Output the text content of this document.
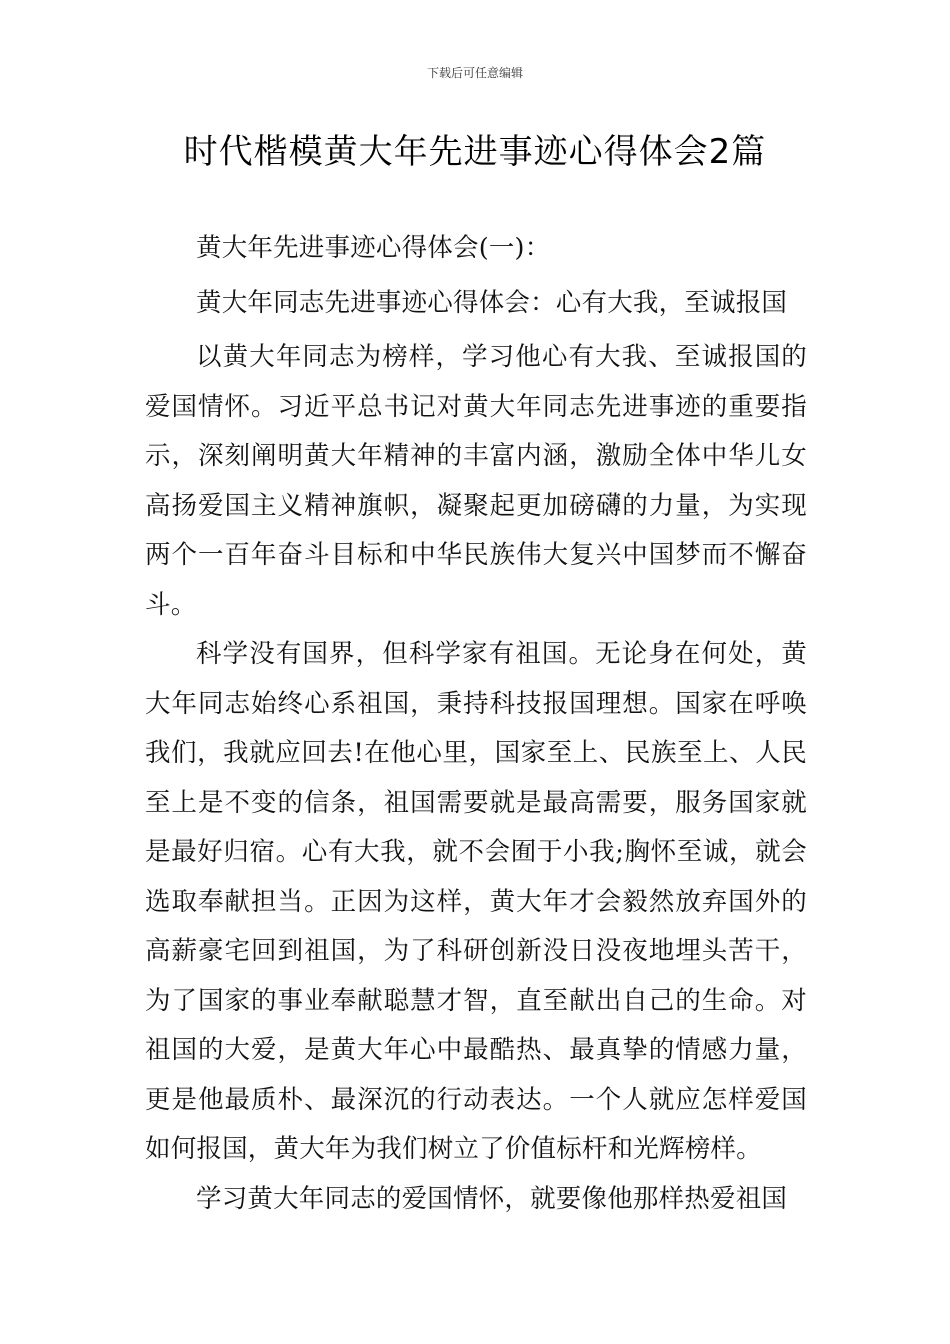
下载后可任意编辑
时代楷模黄大年先进事迹心得体会2篇

黄大年先进事迹心得体会(一)：

黄大年同志先进事迹心得体会：心有大我，至诚报国

以黄大年同志为榜样，学习他心有大我、至诚报国的爱国情怀。习近平总书记对黄大年同志先进事迹的重要指示，深刻阐明黄大年精神的丰富内涵，激励全体中华儿女高扬爱国主义精神旗帜，凝聚起更加磅礴的力量，为实现两个一百年奋斗目标和中华民族伟大复兴中国梦而不懈奋斗。

科学没有国界，但科学家有祖国。无论身在何处，黄大年同志始终心系祖国，秉持科技报国理想。国家在呼唤我们，我就应回去!在他心里，国家至上、民族至上、人民至上是不变的信条，祖国需要就是最高需要，服务国家就是最好归宿。心有大我，就不会囿于小我;胸怀至诚，就会选取奉献担当。正因为这样，黄大年才会毅然放弃国外的高薪豪宅回到祖国，为了科研创新没日没夜地埋头苦干，为了国家的事业奉献聪慧才智，直至献出自己的生命。对祖国的大爱，是黄大年心中最酷热、最真挚的情感力量，更是他最质朴、最深沉的行动表达。一个人就应怎样爱国如何报国，黄大年为我们树立了价值标杆和光辉榜样。

学习黄大年同志的爱国情怀，就要像他那样热爱祖国
